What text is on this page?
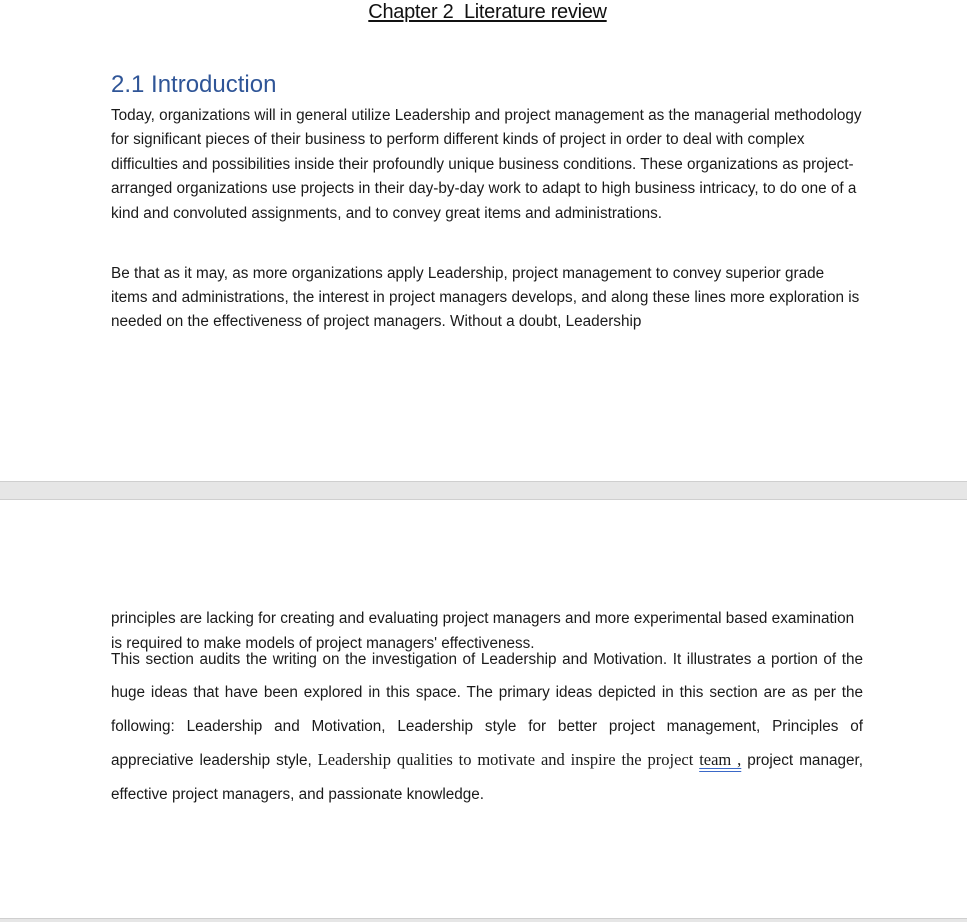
Chapter 2  Literature review
2.1 Introduction

Today, organizations will in general utilize Leadership and project management as the managerial methodology for significant pieces of their business to perform different kinds of project in order to deal with complex difficulties and possibilities inside their profoundly unique business conditions. These organizations as project-arranged organizations use projects in their day-by-day work to adapt to high business intricacy, to do one of a kind and convoluted assignments, and to convey great items and administrations.

Be that as it may, as more organizations apply Leadership, project management to convey superior grade items and administrations, the interest in project managers develops, and along these lines more exploration is needed on the effectiveness of project managers. Without a doubt, Leadership

principles are lacking for creating and evaluating project managers and more experimental based examination is required to make models of project managers' effectiveness.

This section audits the writing on the investigation of Leadership and Motivation. It illustrates a portion of the huge ideas that have been explored in this space. The primary ideas depicted in this section are as per the following: Leadership and Motivation, Leadership style for better project management, Principles of appreciative leadership style, Leadership qualities to motivate and inspire the project team , project manager, effective project managers, and passionate knowledge.
